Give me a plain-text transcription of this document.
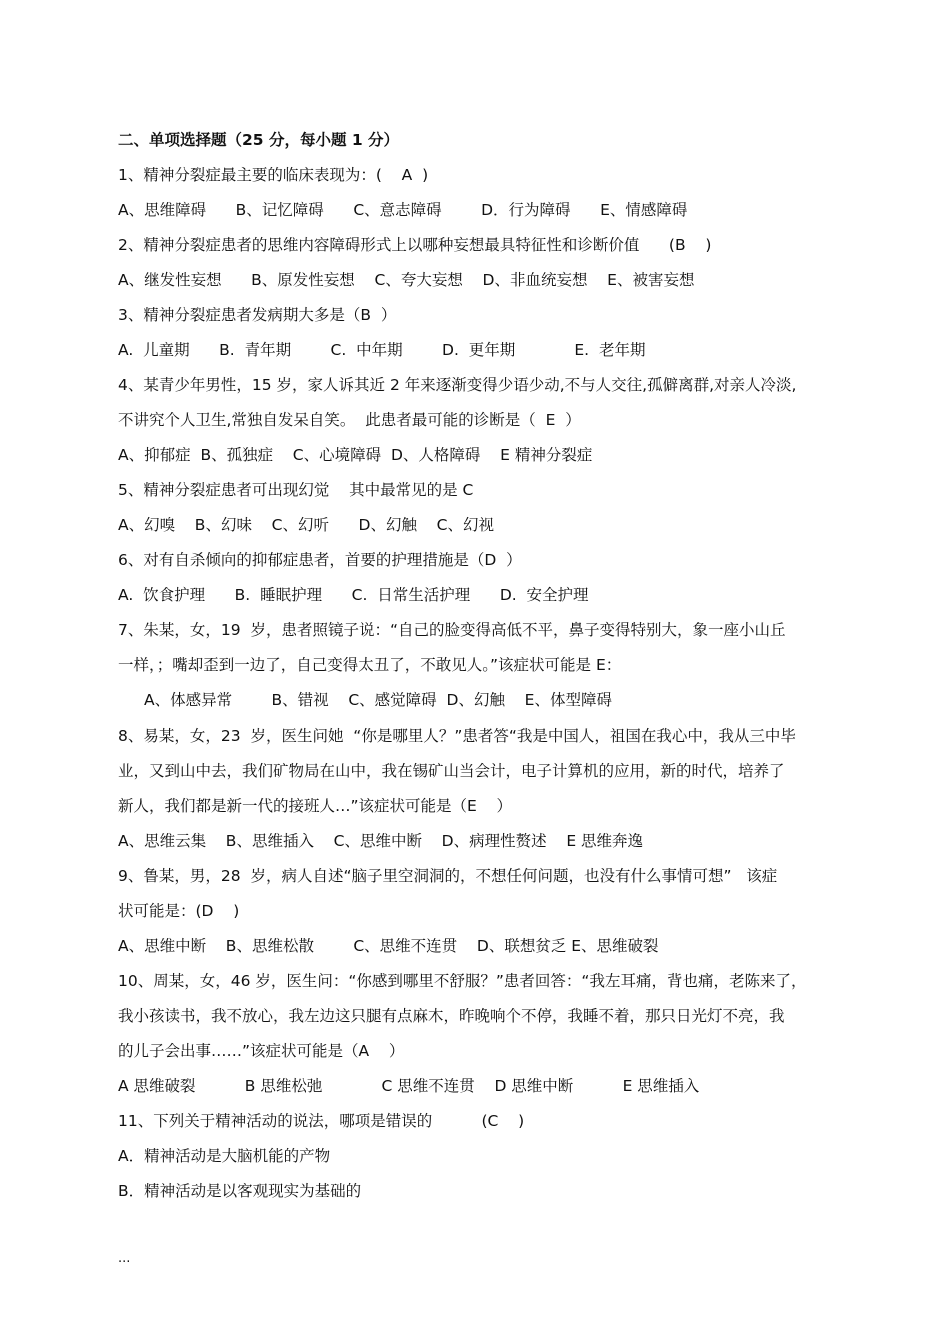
二、单项选择题（25 分，每小题 1 分）
1、精神分裂症最主要的临床表现为：(    A  )
A、思维障碍      B、记忆障碍      C、意志障碍        D．行为障碍      E、情感障碍
2、精神分裂症患者的思维内容障碍形式上以哪种妄想最具特征性和诊断价值      (B    )
A、继发性妄想      B、原发性妄想    C、夸大妄想    D、非血统妄想    E、被害妄想
3、精神分裂症患者发病期大多是（B  ）
A.  儿童期      B.  青年期        C.  中年期        D.  更年期            E.  老年期
4、某青少年男性，15 岁，家人诉其近 2 年来逐渐变得少语少动,不与人交往,孤僻离群,对亲人冷淡,
不讲究个人卫生,常独自发呆自笑。  此患者最可能的诊断是（  E  ）
A、抑郁症  B、孤独症    C、心境障碍  D、人格障碍    E 精神分裂症
5、精神分裂症患者可出现幻觉    其中最常见的是 C
A、幻嗅    B、幻味    C、幻听      D、幻触    C、幻视
6、对有自杀倾向的抑郁症患者，首要的护理措施是（D  ）
A.  饮食护理      B.  睡眠护理      C.  日常生活护理      D.  安全护理
7、朱某，女，19  岁，患者照镜子说：“自己的脸变得高低不平，鼻子变得特别大，象一座小山丘
一样，；嘴却歪到一边了，自己变得太丑了，不敢见人。”该症状可能是 E：
A、体感异常        B、错视    C、感觉障碍  D、幻触    E、体型障碍
8、易某，女，23  岁，医生问她  “你是哪里人？”患者答“我是中国人，祖国在我心中，我从三中毕
业，又到山中去，我们矿物局在山中，我在锡矿山当会计，电子计算机的应用，新的时代，培养了
新人，我们都是新一代的接班人…”该症状可能是（E    ）
A、思维云集    B、思维插入    C、思维中断    D、病理性赘述    E 思维奔逸
9、鲁某，男，28  岁，病人自述“脑子里空洞洞的，不想任何问题，也没有什么事情可想”   该症
状可能是：(D    )
A、思维中断    B、思维松散        C、思维不连贯    D、联想贫乏 E、思维破裂
10、周某，女，46 岁，医生问：“你感到哪里不舒服？”患者回答：“我左耳痛，背也痛，老陈来了，
我小孩读书，我不放心，我左边这只腿有点麻木，昨晚响个不停，我睡不着，那只日光灯不亮，我
的儿子会出事……”该症状可能是（A    ）
A 思维破裂          B 思维松弛            C 思维不连贯    D 思维中断          E 思维插入
11、下列关于精神活动的说法，哪项是错误的          (C    )
A．精神活动是大脑机能的产物
B．精神活动是以客观现实为基础的
...
